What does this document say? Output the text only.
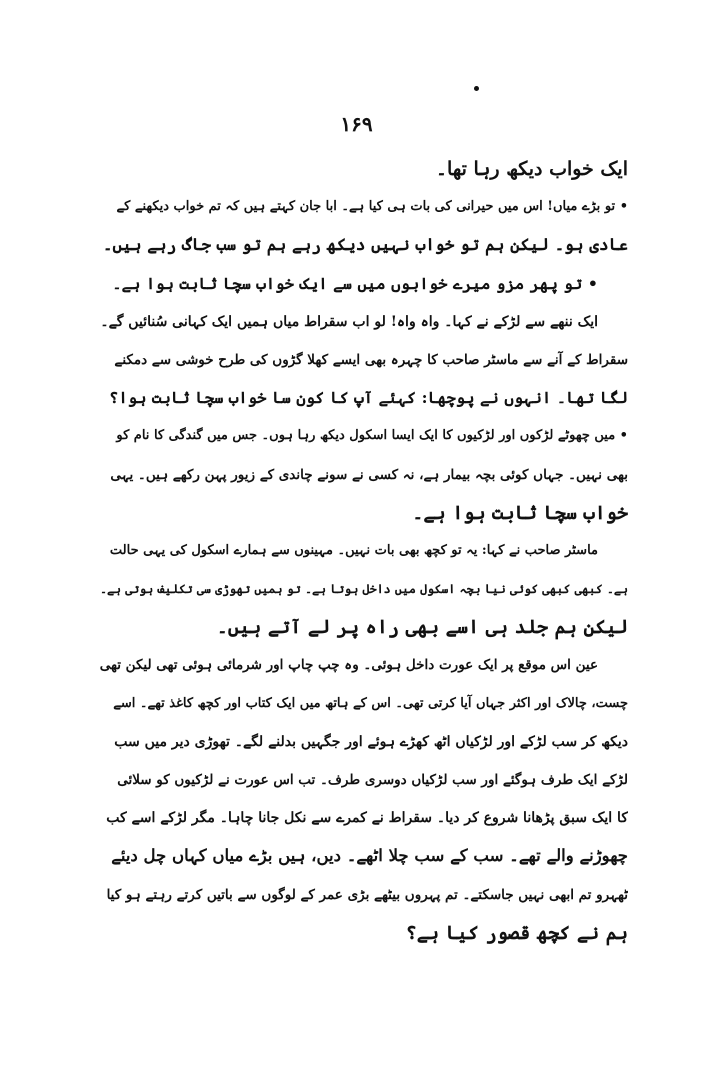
۱۶۹
ایک خواب دیکھ رہا تھا۔
• تو بڑے میاں! اس میں حیرانی کی بات ہی کیا ہے۔ ابا جان کہتے ہیں کہ تم خواب دیکھنے کے
عادی ہو۔ لیکن ہم تو خواب نہیں دیکھ رہے ہم تو سب جاگ رہے ہیں۔
• تو پھر مزو میرے خوابوں میں سے ایک خواب سچا ثابت ہوا ہے۔
ایک ننھے سے لڑکے نے کہا۔ واہ واہ! لو اب سقراط میاں ہمیں ایک کہانی سُنائیں گے۔
سقراط کے آنے سے ماسٹر صاحب کا چہرہ بھی ایسے کھلا گڑوں کی طرح خوشی سے دمکنے
لگا تھا۔ انہوں نے پوچھا: کہئے آپ کا کون سا خواب سچا ثابت ہوا؟
• میں چھوٹے لڑکوں اور لڑکیوں کا ایک ایسا اسکول دیکھ رہا ہوں۔ جس میں گندگی کا نام کو
بھی نہیں۔ جہاں کوئی بچہ بیمار ہے، نہ کسی نے سونے چاندی کے زیور پہن رکھے ہیں۔ یہی
خواب سچا ثابت ہوا ہے۔
ماسٹر صاحب نے کہا: یہ تو کچھ بھی بات نہیں۔ مہینوں سے ہمارے اسکول کی یہی حالت
ہے۔ کبھی کبھی کوئی نیا بچہ اسکول میں داخل ہوتا ہے۔ تو ہمیں تھوڑی سی تکلیف ہوتی ہے۔
لیکن ہم جلد ہی اسے بھی راہ پر لے آتے ہیں۔
عین اس موقع پر ایک عورت داخل ہوئی۔ وہ چپ چاپ اور شرمائی ہوئی تھی لیکن تھی
چست، چالاک اور اکثر جہاں آیا کرتی تھی۔ اس کے ہاتھ میں ایک کتاب اور کچھ کاغذ تھے۔ اسے
دیکھ کر سب لڑکے اور لڑکیاں اٹھ کھڑے ہوئے اور جگہیں بدلنے لگے۔ تھوڑی دیر میں سب
لڑکے ایک طرف ہوگئے اور سب لڑکیاں دوسری طرف۔ تب اس عورت نے لڑکیوں کو سلائی
کا ایک سبق پڑھانا شروع کر دیا۔ سقراط نے کمرے سے نکل جانا چاہا۔ مگر لڑکے اسے کب
چھوڑنے والے تھے۔ سب کے سب چلا اٹھے۔ دیں، ہیں بڑے میاں کہاں چل دیئے
ٹھہرو تم ابھی نہیں جاسکتے۔ تم پہروں بیٹھے بڑی عمر کے لوگوں سے باتیں کرتے رہتے ہو کیا
ہم نے کچھ قصور کیا ہے؟
